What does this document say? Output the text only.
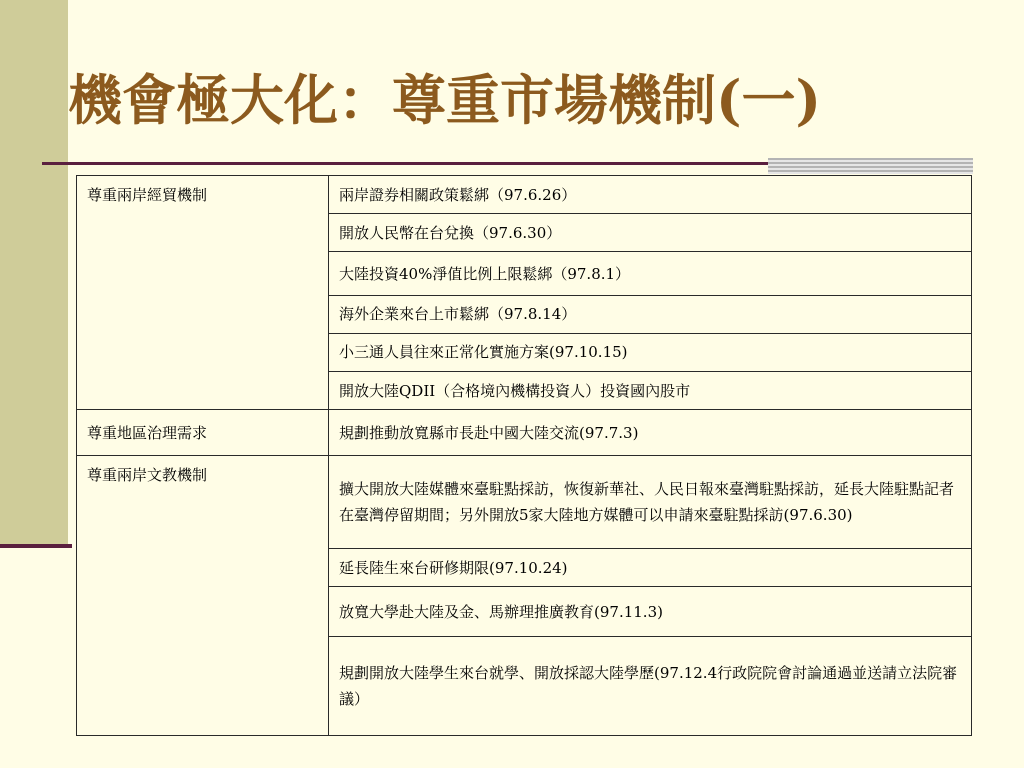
機會極大化：尊重市場機制(一)
尊重兩岸經貿機制	兩岸證券相關政策鬆綁（97.6.26）
	開放人民幣在台兌換（97.6.30）
	大陸投資40%淨值比例上限鬆綁（97.8.1）
	海外企業來台上市鬆綁（97.8.14）
	小三通人員往來正常化實施方案(97.10.15)
	開放大陸QDII（合格境內機構投資人）投資國內股市
尊重地區治理需求	規劃推動放寬縣市長赴中國大陸交流(97.7.3)
尊重兩岸文教機制	擴大開放大陸媒體來臺駐點採訪，恢復新華社、人民日報來臺灣駐點採訪，延長大陸駐點記者在臺灣停留期間；另外開放5家大陸地方媒體可以申請來臺駐點採訪(97.6.30)
	延長陸生來台研修期限(97.10.24)
	放寬大學赴大陸及金、馬辦理推廣教育(97.11.3)
	規劃開放大陸學生來台就學、開放採認大陸學歷(97.12.4行政院院會討論通過並送請立法院審議）
